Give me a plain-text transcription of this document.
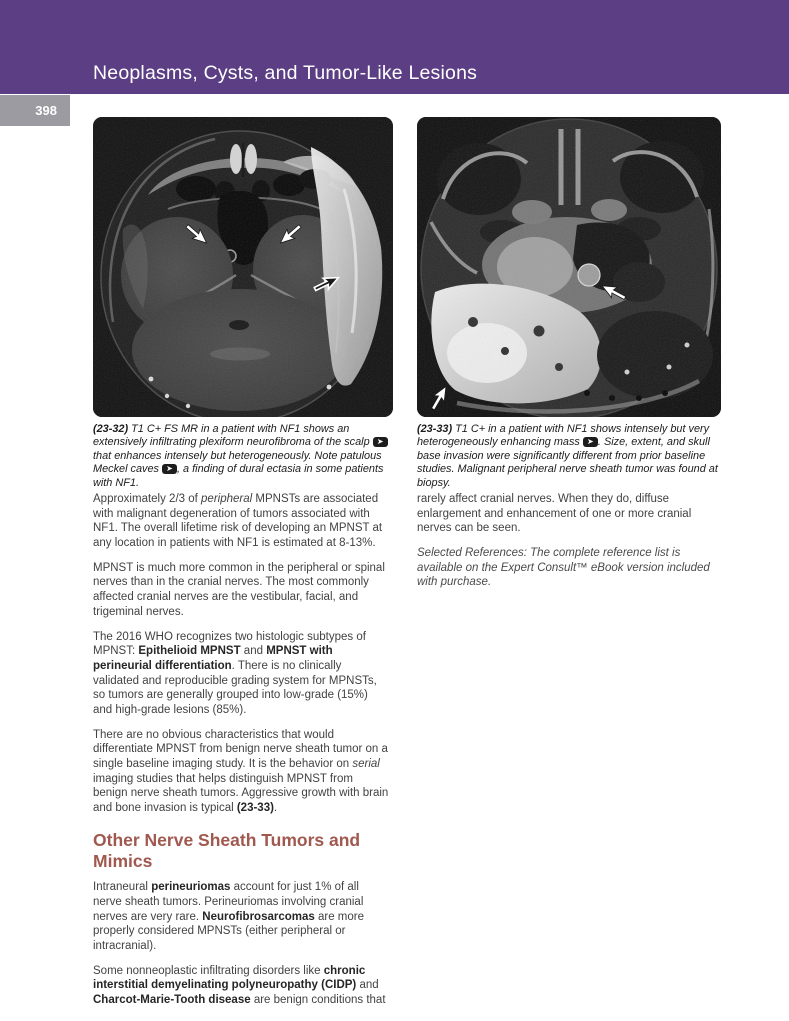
Neoplasms, Cysts, and Tumor-Like Lesions
398

(23-32) T1 C+ FS MR in a patient with NF1 shows an extensively infiltrating plexiform neurofibroma of the scalp ➤ that enhances intensely but heterogeneously. Note patulous Meckel caves ➤ , a finding of dural ectasia in some patients with NF1.

(23-33) T1 C+ in a patient with NF1 shows intensely but very heterogeneously enhancing mass ➤ . Size, extent, and skull base invasion were significantly different from prior baseline studies. Malignant peripheral nerve sheath tumor was found at biopsy.

Approximately 2/3 of peripheral MPNSTs are associated with malignant degeneration of tumors associated with NF1. The overall lifetime risk of developing an MPNST at any location in patients with NF1 is estimated at 8-13%.

MPNST is much more common in the peripheral or spinal nerves than in the cranial nerves. The most commonly affected cranial nerves are the vestibular, facial, and trigeminal nerves.

The 2016 WHO recognizes two histologic subtypes of MPNST: Epithelioid MPNST and MPNST with perineurial differentiation. There is no clinically validated and reproducible grading system for MPNSTs, so tumors are generally grouped into low-grade (15%) and high-grade lesions (85%).

There are no obvious characteristics that would differentiate MPNST from benign nerve sheath tumor on a single baseline imaging study. It is the behavior on serial imaging studies that helps distinguish MPNST from benign nerve sheath tumors. Aggressive growth with brain and bone invasion is typical (23-33).

Other Nerve Sheath Tumors and Mimics

Intraneural perineuriomas account for just 1% of all nerve sheath tumors. Perineuriomas involving cranial nerves are very rare. Neurofibrosarcomas are more properly considered MPNSTs (either peripheral or intracranial).

Some nonneoplastic infiltrating disorders like chronic interstitial demyelinating polyneuropathy (CIDP) and Charcot-Marie-Tooth disease are benign conditions that

rarely affect cranial nerves. When they do, diffuse enlargement and enhancement of one or more cranial nerves can be seen.

Selected References: The complete reference list is available on the Expert Consult™ eBook version included with purchase.
